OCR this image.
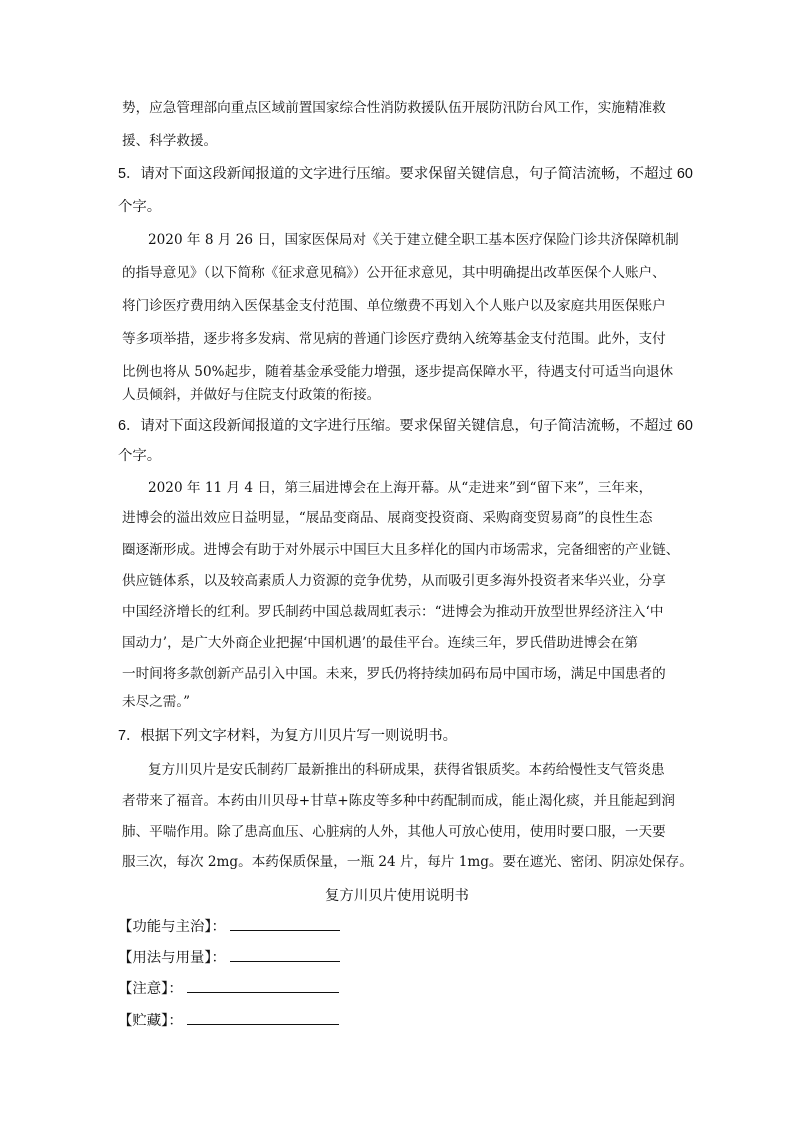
势，应急管理部向重点区域前置国家综合性消防救援队伍开展防汛防台风工作，实施精准救
援、科学救援。
5．请对下面这段新闻报道的文字进行压缩。要求保留关键信息，句子简洁流畅，不超过 60
个字。
2020 年 8 月 26 日，国家医保局对《关于建立健全职工基本医疗保险门诊共济保障机制
的指导意见》（以下简称《征求意见稿》）公开征求意见，其中明确提出改革医保个人账户、
将门诊医疗费用纳入医保基金支付范围、单位缴费不再划入个人账户以及家庭共用医保账户
等多项举措，逐步将多发病、常见病的普通门诊医疗费纳入统筹基金支付范围。此外，支付
比例也将从 50%起步，随着基金承受能力增强，逐步提高保障水平，待遇支付可适当向退休
人员倾斜，并做好与住院支付政策的衔接。
6．请对下面这段新闻报道的文字进行压缩。要求保留关键信息，句子简洁流畅，不超过 60
个字。
2020 年 11 月 4 日，第三届进博会在上海开幕。从“走进来”到“留下来”，三年来，
进博会的溢出效应日益明显，“展品变商品、展商变投资商、采购商变贸易商”的良性生态
圈逐渐形成。进博会有助于对外展示中国巨大且多样化的国内市场需求，完备细密的产业链、
供应链体系，以及较高素质人力资源的竞争优势，从而吸引更多海外投资者来华兴业，分享
中国经济增长的红利。罗氏制药中国总裁周虹表示：“进博会为推动开放型世界经济注入‘中
国动力’，是广大外商企业把握‘中国机遇’的最佳平台。连续三年，罗氏借助进博会在第
一时间将多款创新产品引入中国。未来，罗氏仍将持续加码布局中国市场，满足中国患者的
未尽之需。”
7．根据下列文字材料，为复方川贝片写一则说明书。
复方川贝片是安氏制药厂最新推出的科研成果，获得省银质奖。本药给慢性支气管炎患
者带来了福音。本药由川贝母+甘草+陈皮等多种中药配制而成，能止渴化痰，并且能起到润
肺、平喘作用。除了患高血压、心脏病的人外，其他人可放心使用，使用时要口服，一天要
服三次，每次 2mg。本药保质保量，一瓶 24 片，每片 1mg。要在遮光、密闭、阴凉处保存。
复方川贝片使用说明书
【功能与主治】：
【用法与用量】：
【注意】：
【贮藏】：
